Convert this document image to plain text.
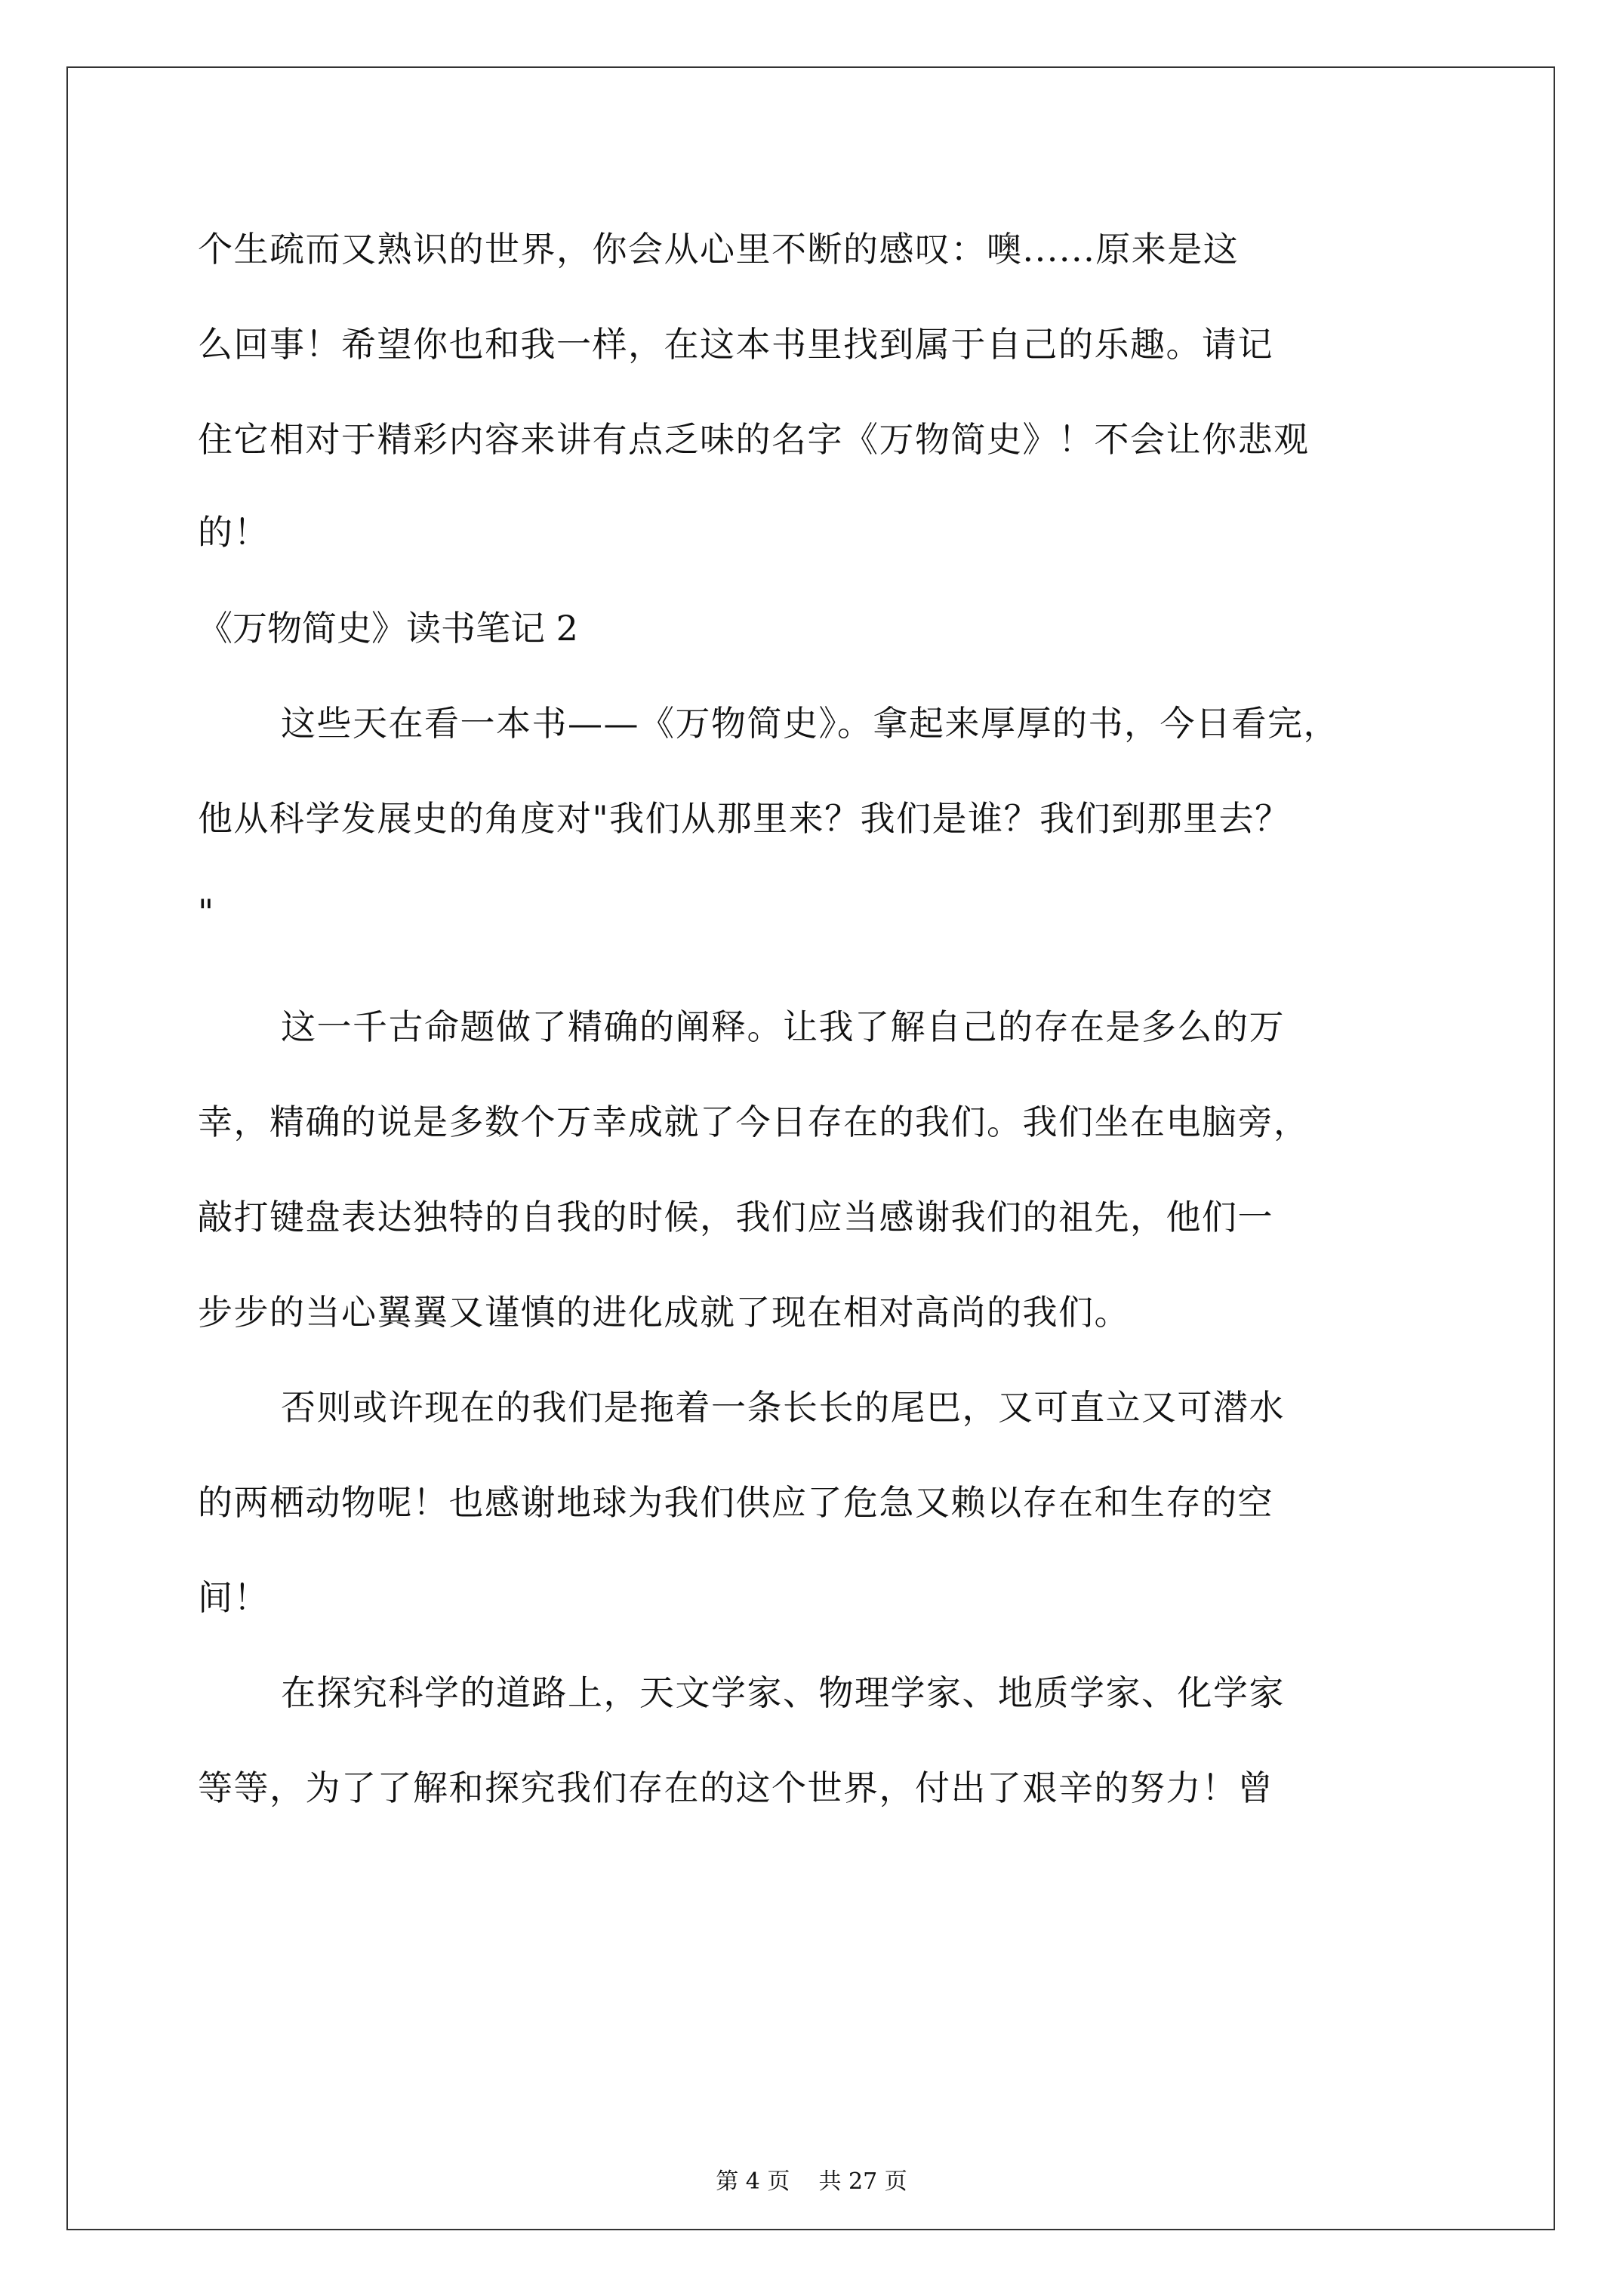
个生疏而又熟识的世界，你会从心里不断的感叹：噢......原来是这
么回事！希望你也和我一样，在这本书里找到属于自己的乐趣。请记
住它相对于精彩内容来讲有点乏味的名字《万物简史》！不会让你悲观
的！
《万物简史》读书笔记 2
这些天在看一本书——《万物简史》。拿起来厚厚的书，今日看完，
他从科学发展史的角度对"我们从那里来？我们是谁？我们到那里去？
"
这一千古命题做了精确的阐释。让我了解自己的存在是多么的万
幸，精确的说是多数个万幸成就了今日存在的我们。我们坐在电脑旁，
敲打键盘表达独特的自我的时候，我们应当感谢我们的祖先，他们一
步步的当心翼翼又谨慎的进化成就了现在相对高尚的我们。
否则或许现在的我们是拖着一条长长的尾巴，又可直立又可潜水
的两栖动物呢！也感谢地球为我们供应了危急又赖以存在和生存的空
间！
在探究科学的道路上，天文学家、物理学家、地质学家、化学家
等等，为了了解和探究我们存在的这个世界，付出了艰辛的努力！曾
第 4 页    共 27 页
